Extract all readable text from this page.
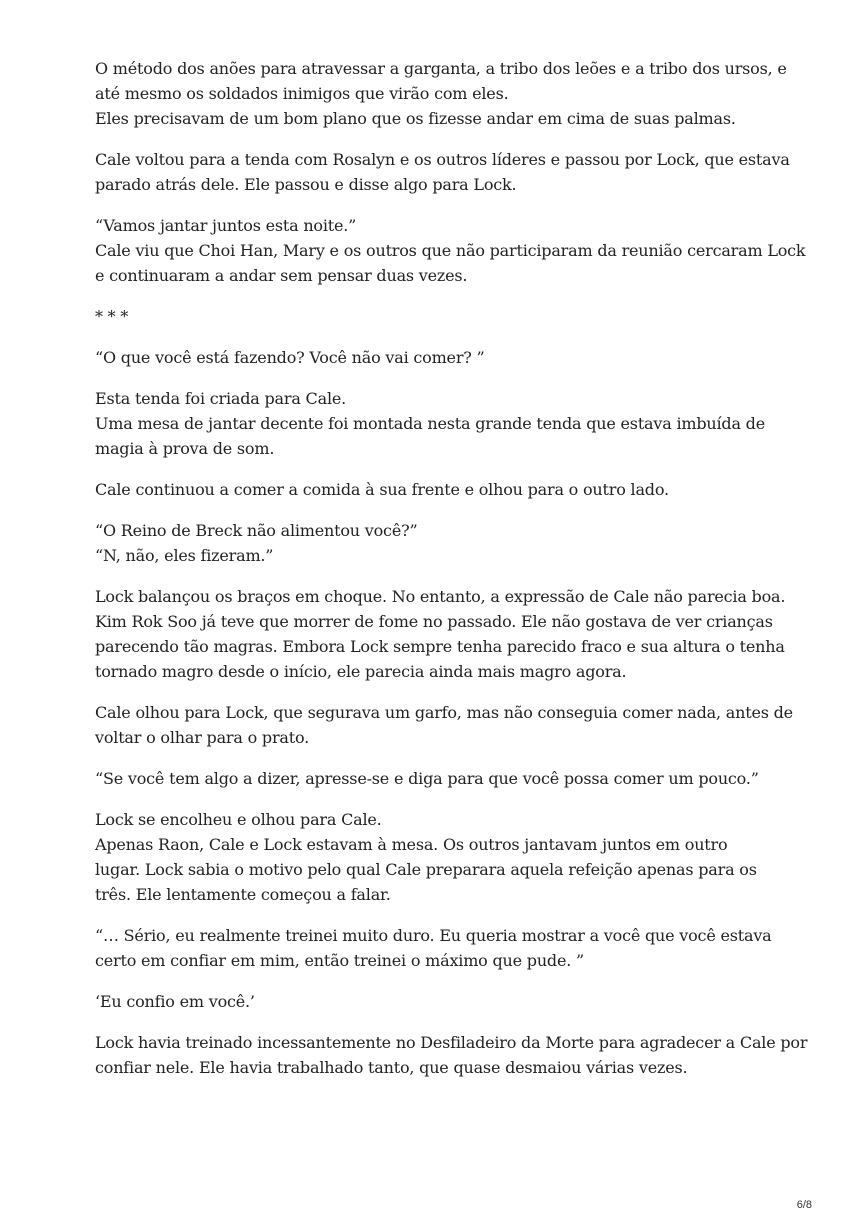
O método dos anões para atravessar a garganta, a tribo dos leões e a tribo dos ursos, e
até mesmo os soldados inimigos que virão com eles.
Eles precisavam de um bom plano que os fizesse andar em cima de suas palmas.

Cale voltou para a tenda com Rosalyn e os outros líderes e passou por Lock, que estava
parado atrás dele. Ele passou e disse algo para Lock.

“Vamos jantar juntos esta noite.”
Cale viu que Choi Han, Mary e os outros que não participaram da reunião cercaram Lock
e continuaram a andar sem pensar duas vezes.

* * *

“O que você está fazendo? Você não vai comer? ”

Esta tenda foi criada para Cale.
Uma mesa de jantar decente foi montada nesta grande tenda que estava imbuída de
magia à prova de som.

Cale continuou a comer a comida à sua frente e olhou para o outro lado.

“O Reino de Breck não alimentou você?”
“N, não, eles fizeram.”

Lock balançou os braços em choque. No entanto, a expressão de Cale não parecia boa.
Kim Rok Soo já teve que morrer de fome no passado. Ele não gostava de ver crianças
parecendo tão magras. Embora Lock sempre tenha parecido fraco e sua altura o tenha
tornado magro desde o início, ele parecia ainda mais magro agora.

Cale olhou para Lock, que segurava um garfo, mas não conseguia comer nada, antes de
voltar o olhar para o prato.

“Se você tem algo a dizer, apresse-se e diga para que você possa comer um pouco.”

Lock se encolheu e olhou para Cale.
Apenas Raon, Cale e Lock estavam à mesa. Os outros jantavam juntos em outro
lugar. Lock sabia o motivo pelo qual Cale preparara aquela refeição apenas para os
três. Ele lentamente começou a falar.

“… Sério, eu realmente treinei muito duro. Eu queria mostrar a você que você estava
certo em confiar em mim, então treinei o máximo que pude. ”

‘Eu confio em você.’

Lock havia treinado incessantemente no Desfiladeiro da Morte para agradecer a Cale por
confiar nele. Ele havia trabalhado tanto, que quase desmaiou várias vezes.

6/8
